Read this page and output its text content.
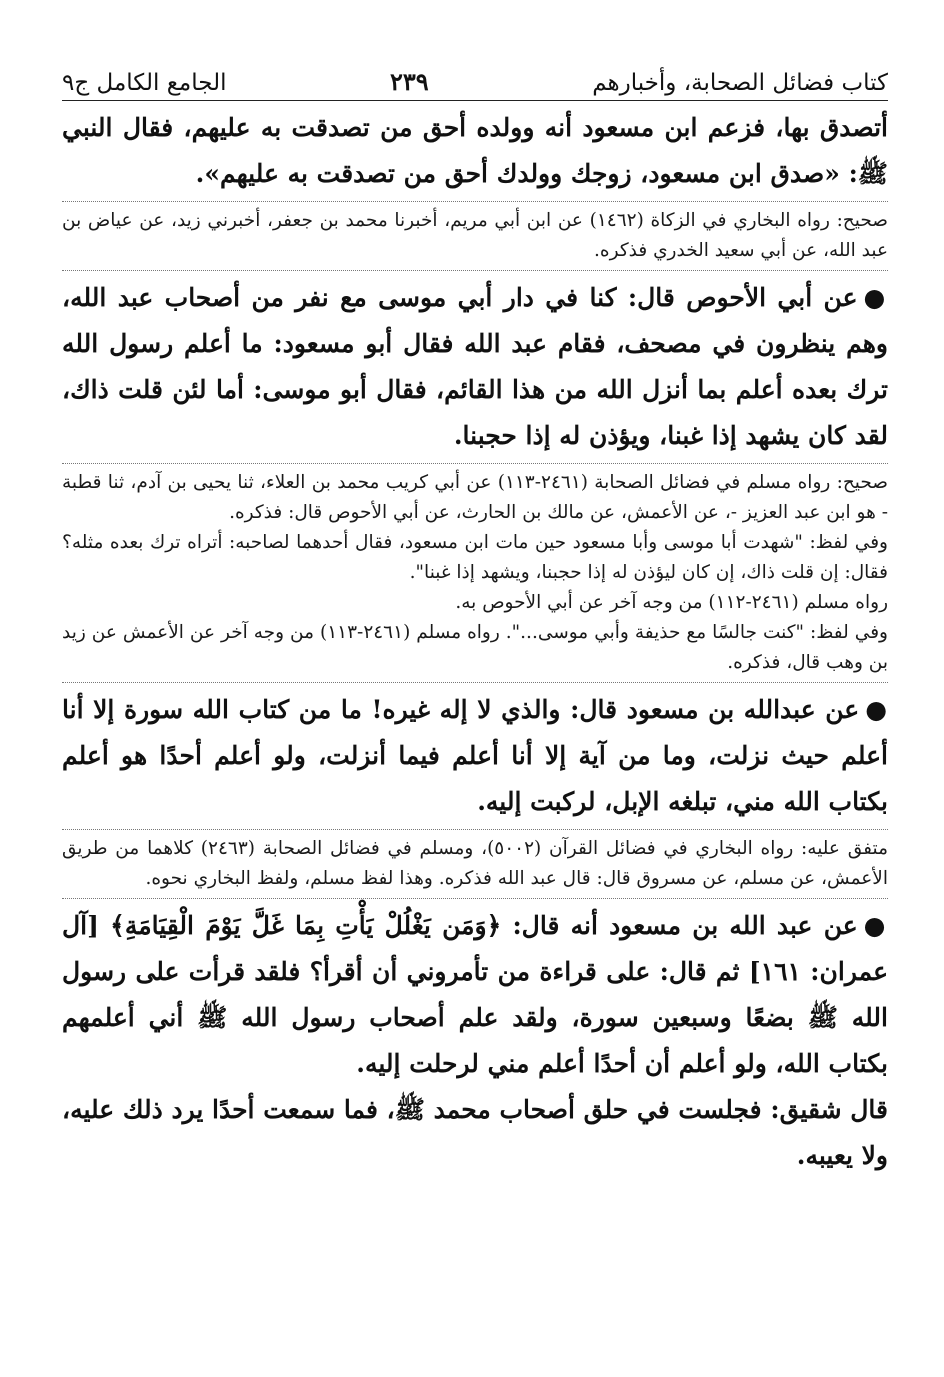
كتاب فضائل الصحابة، وأخبارهم
٢٣٩
الجامع الكامل ج٩

أتصدق بها، فزعم ابن مسعود أنه وولده أحق من تصدقت به عليهم، فقال النبي ﷺ: «صدق ابن مسعود، زوجك وولدك أحق من تصدقت به عليهم».

صحيح: رواه البخاري في الزكاة (١٤٦٢) عن ابن أبي مريم، أخبرنا محمد بن جعفر، أخبرني زيد، عن عياض بن عبد الله، عن أبي سعيد الخدري فذكره.

●عن أبي الأحوص قال: كنا في دار أبي موسى مع نفر من أصحاب عبد الله، وهم ينظرون في مصحف، فقام عبد الله فقال أبو مسعود: ما أعلم رسول الله ترك بعده أعلم بما أنزل الله من هذا القائم، فقال أبو موسى: أما لئن قلت ذاك، لقد كان يشهد إذا غبنا، ويؤذن له إذا حجبنا.

صحيح: رواه مسلم في فضائل الصحابة (٢٤٦١-١١٣) عن أبي كريب محمد بن العلاء، ثنا يحيى بن آدم، ثنا قطبة - هو ابن عبد العزيز -، عن الأعمش، عن مالك بن الحارث، عن أبي الأحوص قال: فذكره.

وفي لفظ: "شهدت أبا موسى وأبا مسعود حين مات ابن مسعود، فقال أحدهما لصاحبه: أتراه ترك بعده مثله؟ فقال: إن قلت ذاك، إن كان ليؤذن له إذا حجبنا، ويشهد إذا غبنا".

رواه مسلم (٢٤٦١-١١٢) من وجه آخر عن أبي الأحوص به.

وفي لفظ: "كنت جالسًا مع حذيفة وأبي موسى...". رواه مسلم (٢٤٦١-١١٣) من وجه آخر عن الأعمش عن زيد بن وهب قال، فذكره.

●عن عبدالله بن مسعود قال: والذي لا إله غيره! ما من كتاب الله سورة إلا أنا أعلم حيث نزلت، وما من آية إلا أنا أعلم فيما أنزلت، ولو أعلم أحدًا هو أعلم بكتاب الله مني، تبلغه الإبل، لركبت إليه.

متفق عليه: رواه البخاري في فضائل القرآن (٥٠٠٢)، ومسلم في فضائل الصحابة (٢٤٦٣) كلاهما من طريق الأعمش، عن مسلم، عن مسروق قال: قال عبد الله فذكره. وهذا لفظ مسلم، ولفظ البخاري نحوه.

●عن عبد الله بن مسعود أنه قال: ﴿وَمَن يَغْلُلْ يَأْتِ بِمَا غَلَّ يَوْمَ الْقِيَامَةِ﴾ [آل عمران: ١٦١] ثم قال: على قراءة من تأمروني أن أقرأ؟ فلقد قرأت على رسول الله ﷺ بضعًا وسبعين سورة، ولقد علم أصحاب رسول الله ﷺ أني أعلمهم بكتاب الله، ولو أعلم أن أحدًا أعلم مني لرحلت إليه.

قال شقيق: فجلست في حلق أصحاب محمد ﷺ، فما سمعت أحدًا يرد ذلك عليه، ولا يعيبه.
